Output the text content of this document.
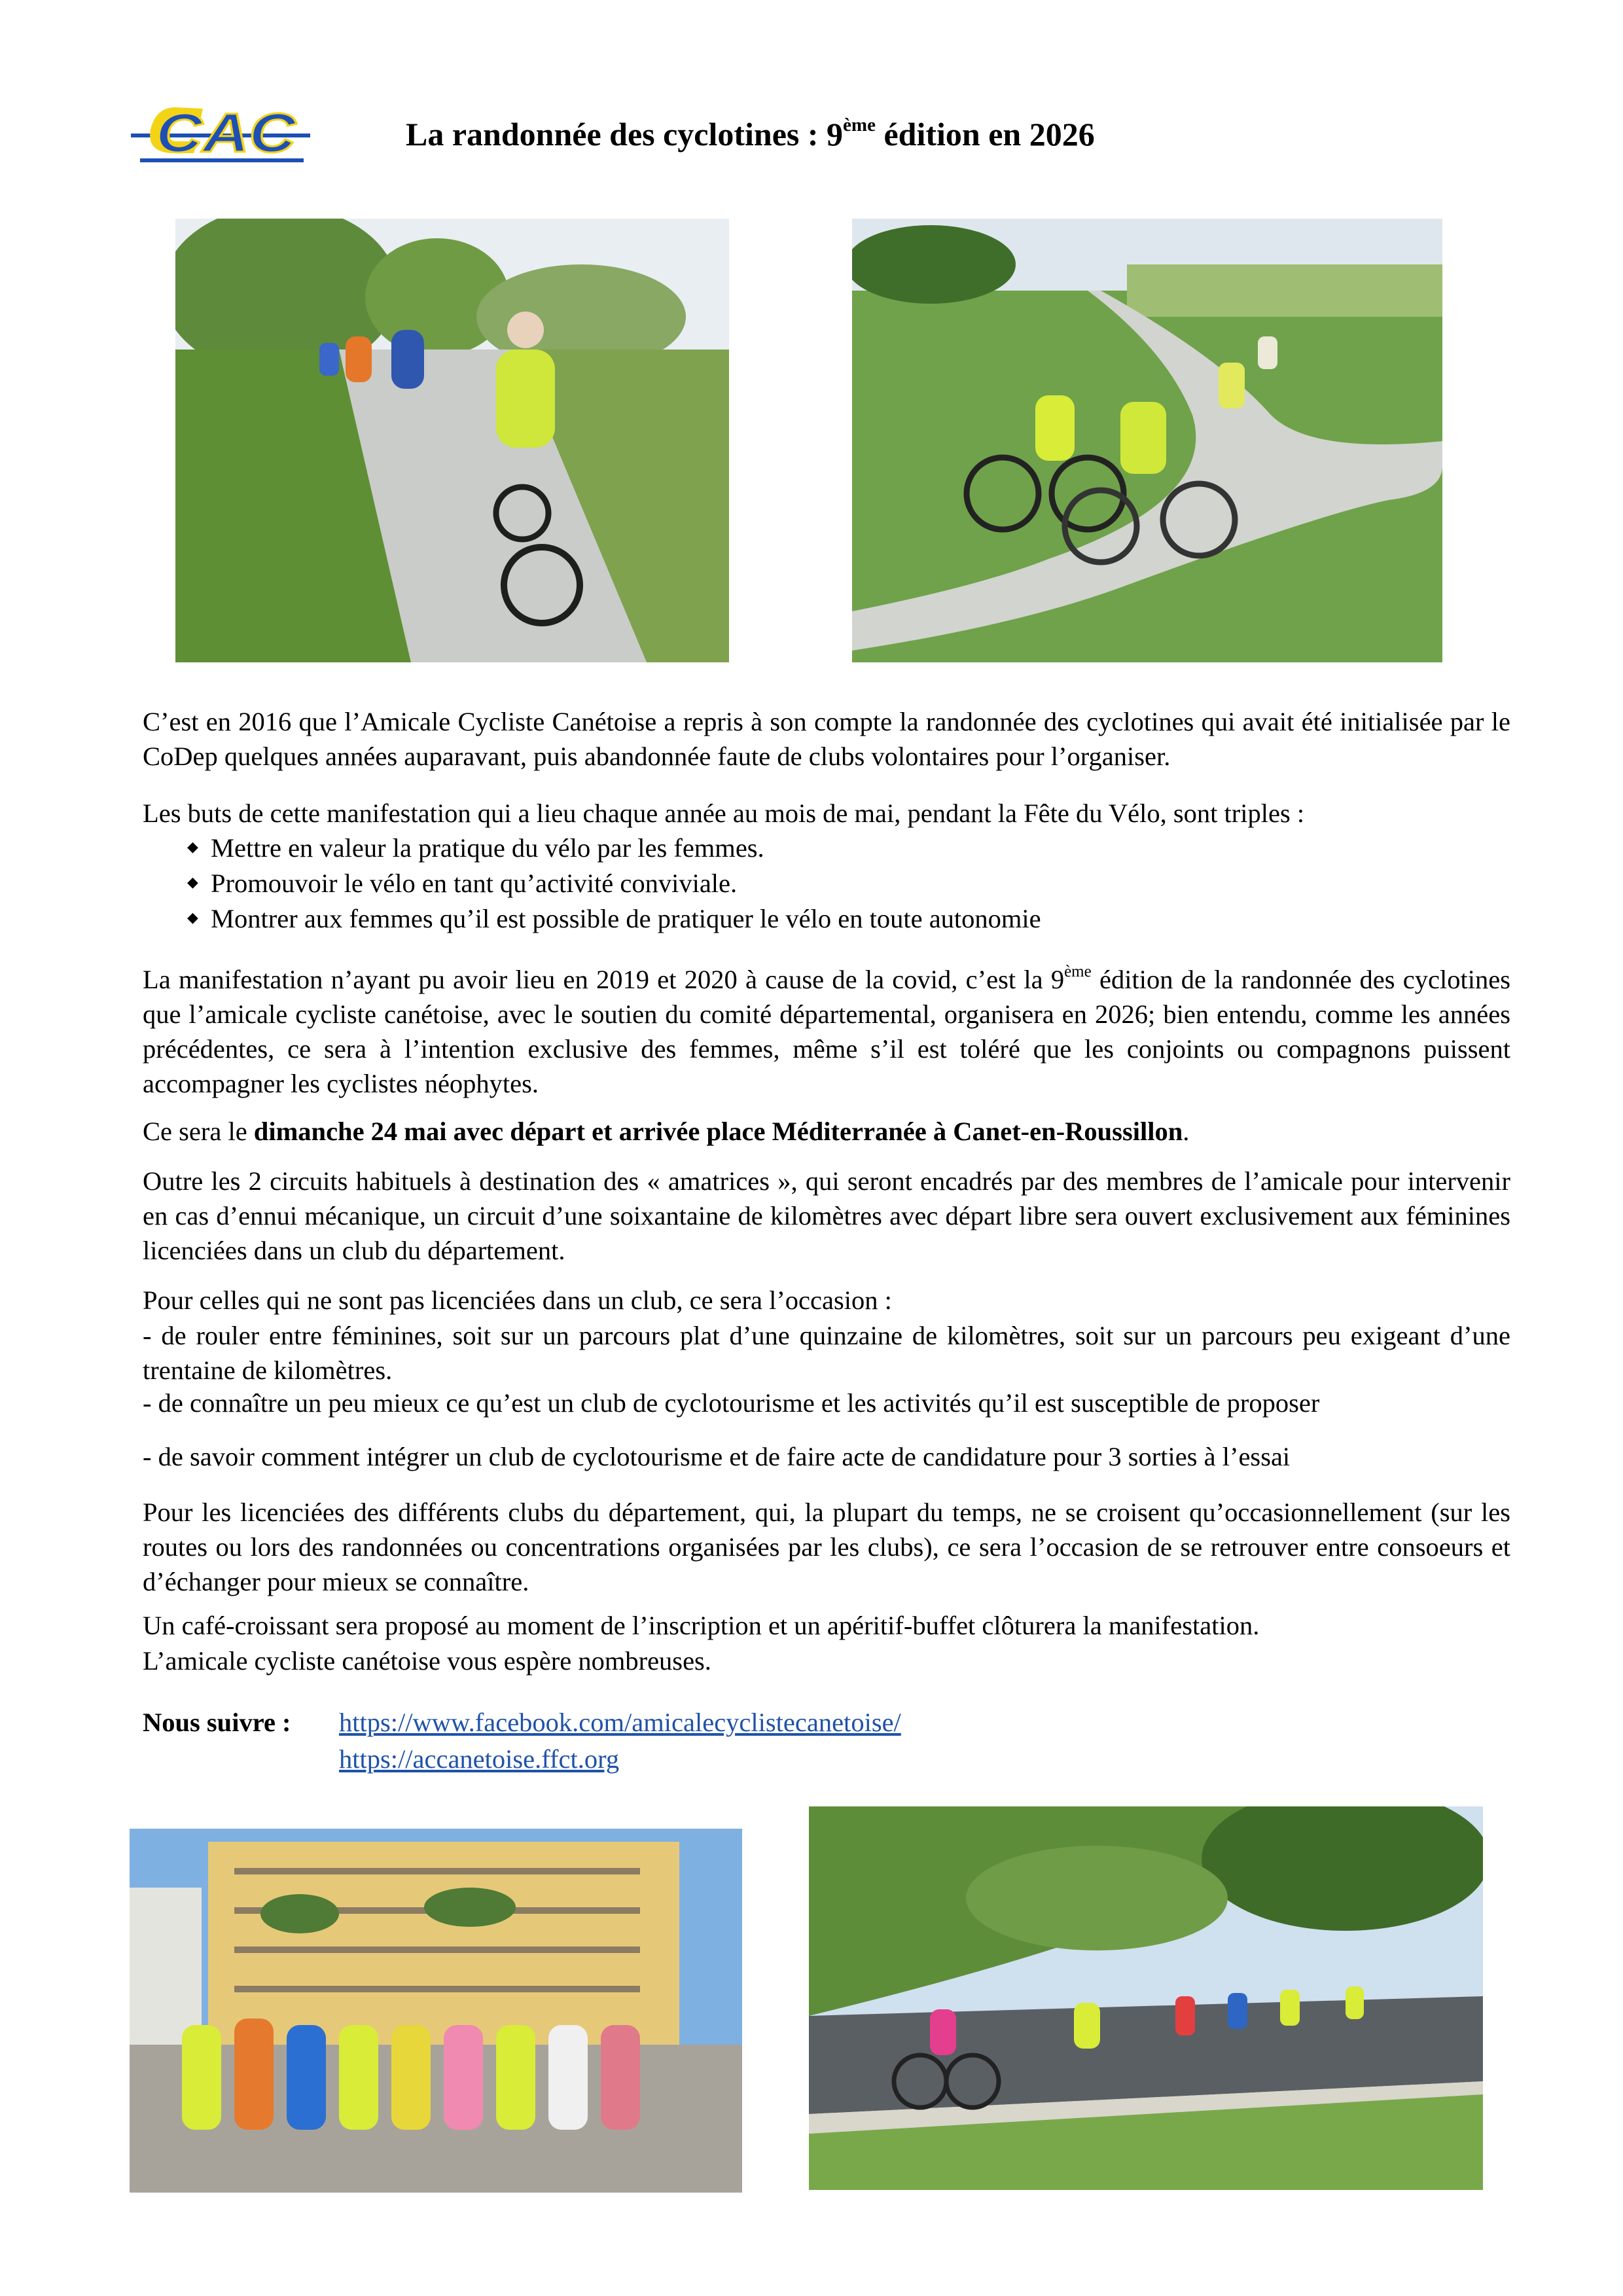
CAC	La randonnée des cyclotines : 9ème édition en 2026

C’est en 2016 que l’Amicale Cycliste Canétoise a repris à son compte la randonnée des cyclotines qui avait été initialisée par le CoDep quelques années auparavant, puis abandonnée faute de clubs volontaires pour l’organiser.

Les buts de cette manifestation qui a lieu chaque année au mois de mai, pendant la Fête du Vélo, sont triples :

◆ Mettre en valeur la pratique du vélo par les femmes.
◆ Promouvoir le vélo en tant qu’activité conviviale.
◆ Montrer aux femmes qu’il est possible de pratiquer le vélo en toute autonomie

La manifestation n’ayant pu avoir lieu en 2019 et 2020 à cause de la covid, c’est la 9ème édition de la randonnée des cyclotines que l’amicale cycliste canétoise, avec le soutien du comité départemental, organisera en 2026; bien entendu, comme les années précédentes, ce sera à l’intention exclusive des femmes, même s’il est toléré que les conjoints ou compagnons puissent accompagner les cyclistes néophytes.

Ce sera le dimanche 24 mai avec départ et arrivée place Méditerranée à Canet-en-Roussillon.

Outre les 2 circuits habituels à destination des « amatrices », qui seront encadrés par des membres de l’amicale pour intervenir en cas d’ennui mécanique, un circuit d’une soixantaine de kilomètres avec départ libre sera ouvert exclusivement aux féminines licenciées dans un club du département.

Pour celles qui ne sont pas licenciées dans un club, ce sera l’occasion :

- de rouler entre féminines, soit sur un parcours plat d’une quinzaine de kilomètres, soit sur un parcours peu exigeant d’une trentaine de kilomètres.

- de connaître un peu mieux ce qu’est un club de cyclotourisme et les activités qu’il est susceptible de proposer
- de savoir comment intégrer un club de cyclotourisme et de faire acte de candidature pour 3 sorties à l’essai

Pour les licenciées des différents clubs du département, qui, la plupart du temps, ne se croisent qu’occasionnellement (sur les routes ou lors des randonnées ou concentrations organisées par les clubs), ce sera l’occasion de se retrouver entre consoeurs et d’échanger pour mieux se connaître.

Un café-croissant sera proposé au moment de l’inscription et un apéritif-buffet clôturera la manifestation.
L’amicale cycliste canétoise vous espère nombreuses.
Nous suivre : https://www.facebook.com/amicalecyclistecanetoise/
https://accanetoise.ffct.org
